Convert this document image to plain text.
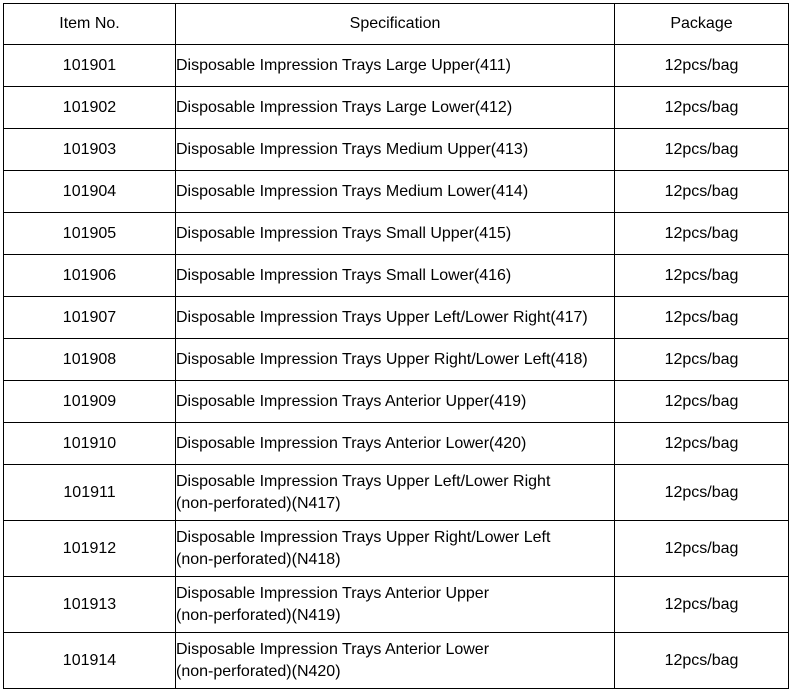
Item No.	Specification	Package
101901	Disposable Impression Trays Large Upper(411)	12pcs/bag
101902	Disposable Impression Trays Large Lower(412)	12pcs/bag
101903	Disposable Impression Trays Medium Upper(413)	12pcs/bag
101904	Disposable Impression Trays Medium Lower(414)	12pcs/bag
101905	Disposable Impression Trays Small Upper(415)	12pcs/bag
101906	Disposable Impression Trays Small Lower(416)	12pcs/bag
101907	Disposable Impression Trays Upper Left/Lower Right(417)	12pcs/bag
101908	Disposable Impression Trays Upper Right/Lower Left(418)	12pcs/bag
101909	Disposable Impression Trays Anterior Upper(419)	12pcs/bag
101910	Disposable Impression Trays Anterior Lower(420)	12pcs/bag
101911	Disposable Impression Trays Upper Left/Lower Right
(non-perforated)(N417)	12pcs/bag
101912	Disposable Impression Trays Upper Right/Lower Left
(non-perforated)(N418)	12pcs/bag
101913	Disposable Impression Trays Anterior Upper
(non-perforated)(N419)	12pcs/bag
101914	Disposable Impression Trays Anterior Lower
(non-perforated)(N420)	12pcs/bag
